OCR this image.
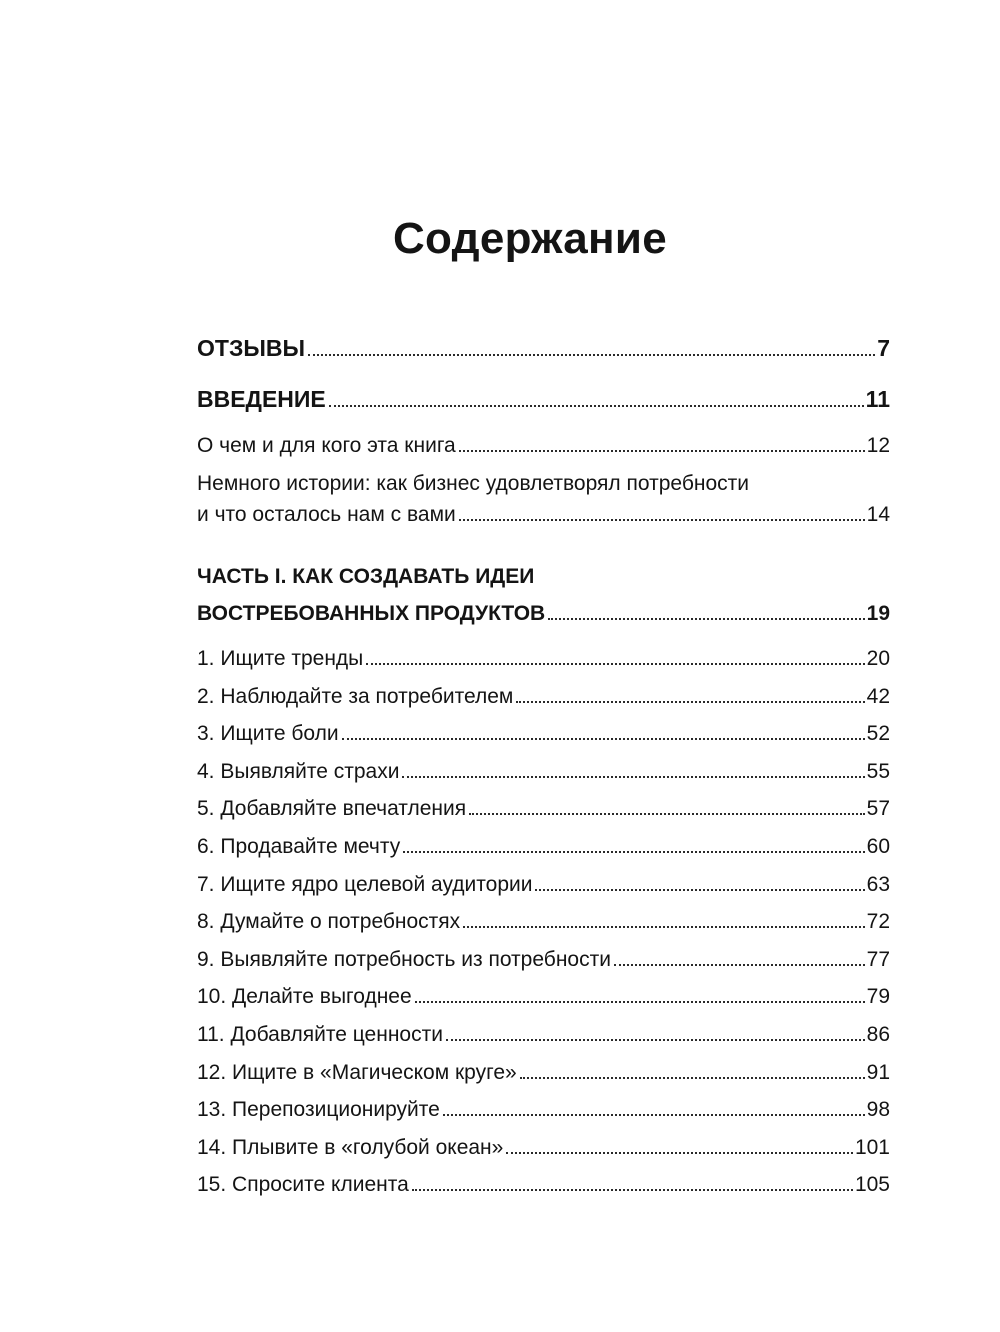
Содержание
ОТЗЫВЫ	7
ВВЕДЕНИЕ	11
О чем и для кого эта книга	12
Немного истории: как бизнес удовлетворял потребности
и что осталось нам с вами	14
ЧАСТЬ I. КАК СОЗДАВАТЬ ИДЕИ
ВОСТРЕБОВАННЫХ ПРОДУКТОВ	19
1. Ищите тренды	20
2. Наблюдайте за потребителем	42
3. Ищите боли	52
4. Выявляйте страхи	55
5. Добавляйте впечатления	57
6. Продавайте мечту	60
7. Ищите ядро целевой аудитории	63
8. Думайте о потребностях	72
9. Выявляйте потребность из потребности	77
10. Делайте выгоднее	79
11. Добавляйте ценности	86
12. Ищите в «Магическом круге»	91
13. Перепозиционируйте	98
14. Плывите в «голубой океан»	101
15. Спросите клиента	105
